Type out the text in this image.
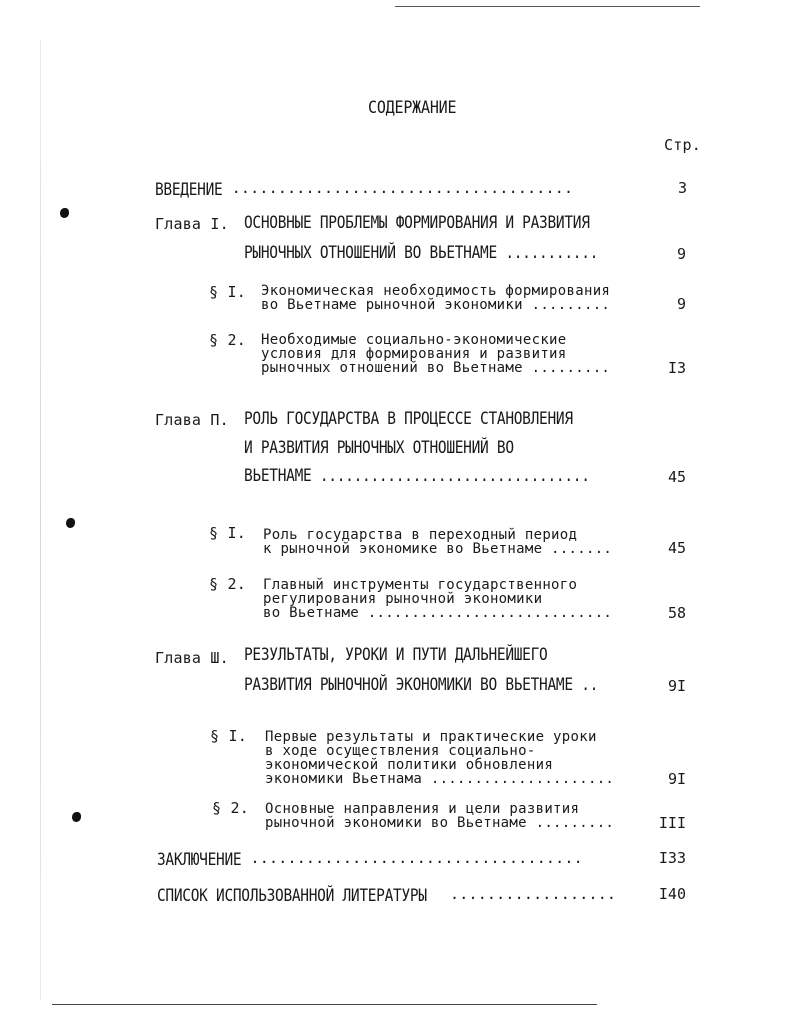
СОДЕРЖАНИЕ
Стр.
ВВЕДЕНИЕ .....................................	3
Глава I. ОСНОВНЫЕ ПРОБЛЕМЫ ФОРМИРОВАНИЯ И РАЗВИТИЯ
РЫНОЧНЫХ ОТНОШЕНИЙ ВО ВЬЕТНАМЕ ...........	9
§ I. Экономическая необходимость формирования
во Вьетнаме рыночной экономики .........	9
§ 2. Необходимые социально-экономические
условия для формирования и развития
рыночных отношений во Вьетнаме .........	I3
Глава П. РОЛЬ ГОСУДАРСТВА В ПРОЦЕССЕ СТАНОВЛЕНИЯ
И РАЗВИТИЯ РЫНОЧНЫХ ОТНОШЕНИЙ ВО
ВЬЕТНАМЕ ................................	45
§ I. Роль государства в переходный период
к рыночной экономике во Вьетнаме .......	45
§ 2. Главный инструменты государственного
регулирования рыночной экономики
во Вьетнаме ............................	58
Глава Ш. РЕЗУЛЬТАТЫ, УРОКИ И ПУТИ ДАЛЬНЕЙШЕГО
РАЗВИТИЯ РЫНОЧНОЙ ЭКОНОМИКИ ВО ВЬЕТНАМЕ ..	9I
§ I. Первые результаты и практические уроки
в ходе осуществления социально-
экономической политики обновления
экономики Вьетнама .....................	9I
§ 2. Основные направления и цели развития
рыночной экономики во Вьетнаме .........	III
ЗАКЛЮЧЕНИЕ ....................................	I33
СПИСОК ИСПОЛЬЗОВАННОЙ ЛИТЕРАТУРЫ ..................	I40
